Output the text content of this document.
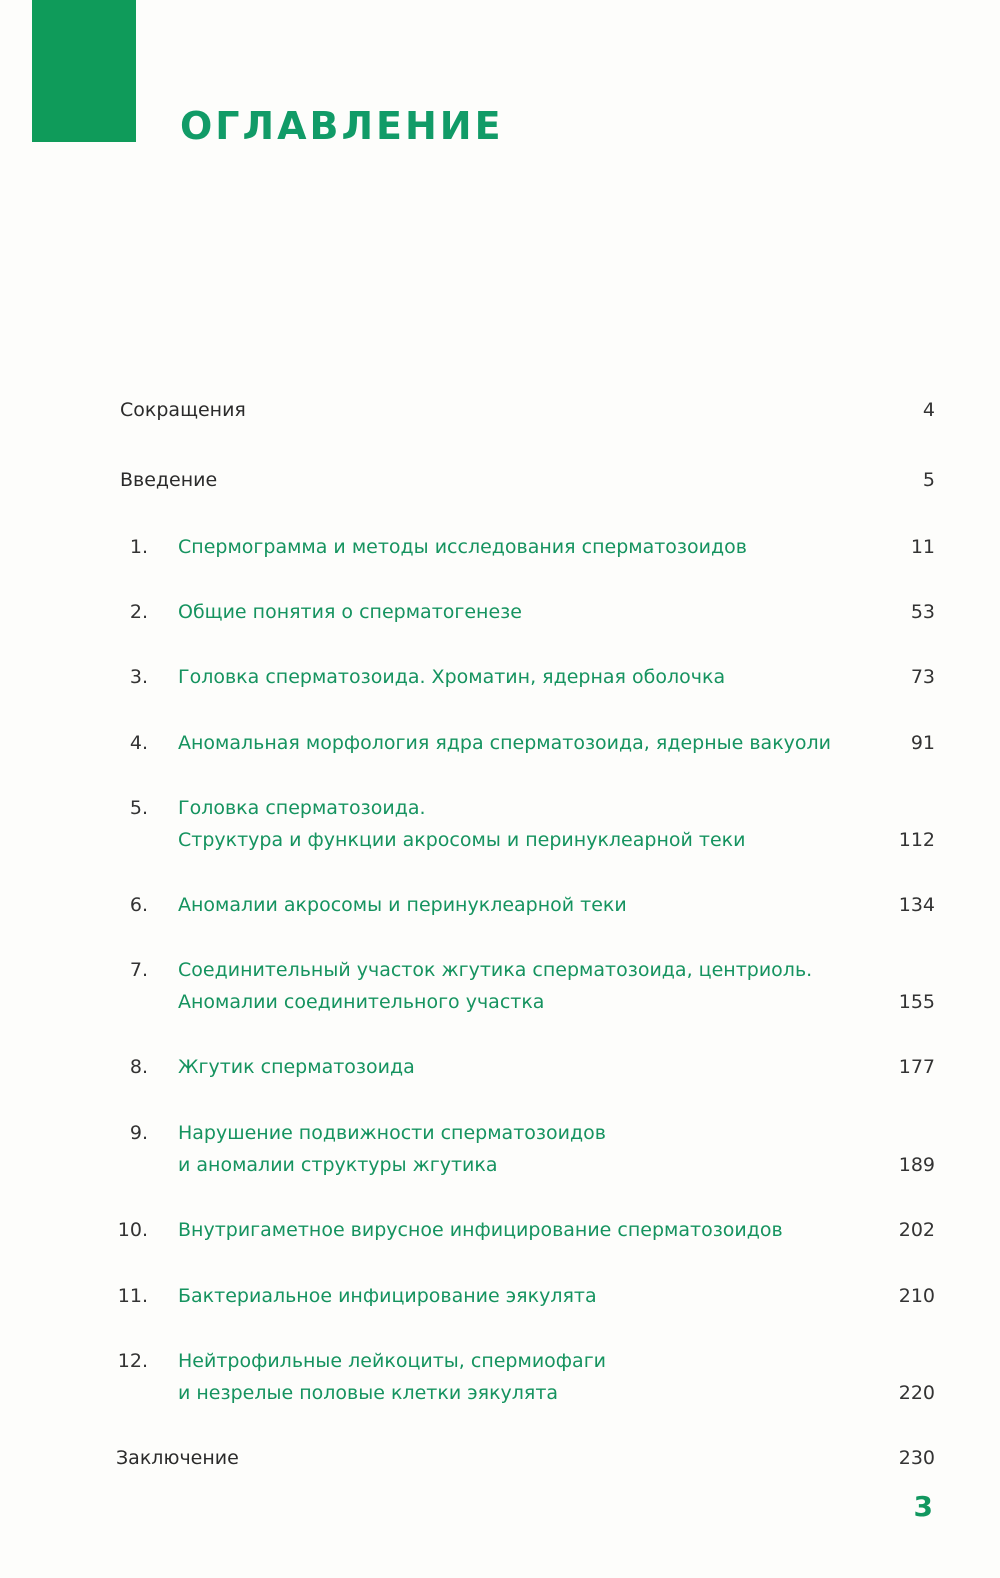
ОГЛАВЛЕНИЕ
Сокращения	4
Введение	5
1. Спермограмма и методы исследования сперматозоидов	11
2. Общие понятия о сперматогенезе	53
3. Головка сперматозоида. Хроматин, ядерная оболочка	73
4. Аномальная морфология ядра сперматозоида, ядерные вакуоли	91
5. Головка сперматозоида.
Структура и функции акросомы и перинуклеарной теки	112
6. Аномалии акросомы и перинуклеарной теки	134
7. Соединительный участок жгутика сперматозоида, центриоль.
Аномалии соединительного участка	155
8. Жгутик сперматозоида	177
9. Нарушение подвижности сперматозоидов
и аномалии структуры жгутика	189
10. Внутригаметное вирусное инфицирование сперматозоидов	202
11. Бактериальное инфицирование эякулята	210
12. Нейтрофильные лейкоциты, спермиофаги
и незрелые половые клетки эякулята	220
Заключение	230

3
